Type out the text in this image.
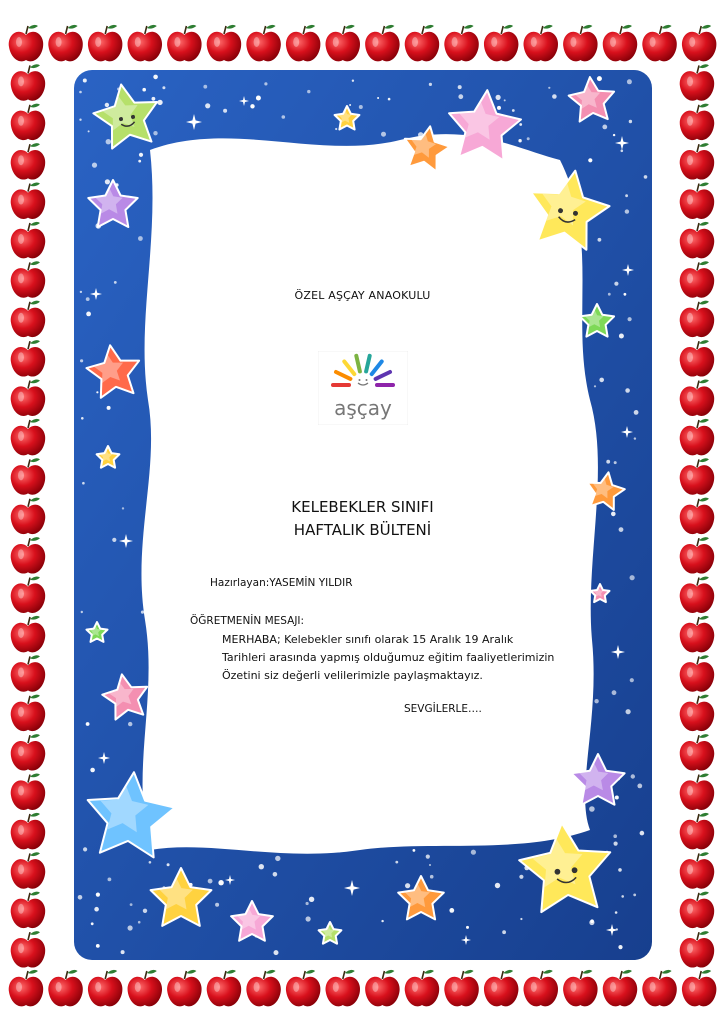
ÖZEL AŞÇAY ANAOKULU
aşçay
KELEBEKLER SINIFI
HAFTALIK BÜLTENİ
Hazırlayan:YASEMİN YILDIR
ÖĞRETMENİN MESAJI:
MERHABA; Kelebekler sınıfı olarak 15 Aralık 19 Aralık
Tarihleri arasında yapmış olduğumuz eğitim faaliyetlerimizin
Özetini siz değerli velilerimizle paylaşmaktayız.
SEVGİLERLE….
